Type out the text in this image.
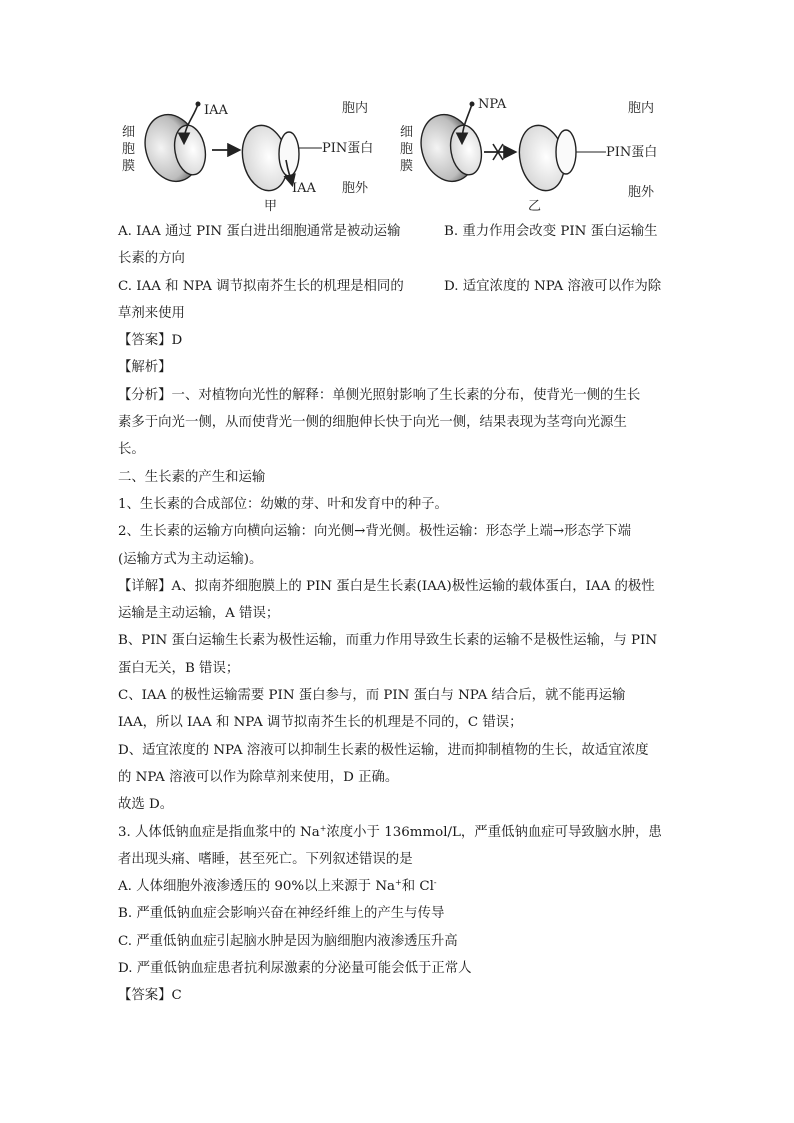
细
胞
膜
IAA
PIN蛋白
IAA
胞内
胞外
甲
细
胞
膜
NPA
PIN蛋白
胞内
胞外
乙
A. IAA 通过 PIN 蛋白进出细胞通常是被动运输	B. 重力作用会改变 PIN 蛋白运输生
长素的方向
C. IAA 和 NPA 调节拟南芥生长的机理是相同的	D. 适宜浓度的 NPA 溶液可以作为除
草剂来使用
【答案】D
【解析】
【分析】一、对植物向光性的解释：单侧光照射影响了生长素的分布，使背光一侧的生长
素多于向光一侧，从而使背光一侧的细胞伸长快于向光一侧，结果表现为茎弯向光源生
长。
二、生长素的产生和运输
1、生长素的合成部位：幼嫩的芽、叶和发育中的种子。
2、生长素的运输方向横向运输：向光侧→背光侧。极性运输：形态学上端→形态学下端
(运输方式为主动运输)。
【详解】A、拟南芥细胞膜上的 PIN 蛋白是生长素(IAA)极性运输的载体蛋白，IAA 的极性
运输是主动运输，A 错误；
B、PIN 蛋白运输生长素为极性运输，而重力作用导致生长素的运输不是极性运输，与 PIN
蛋白无关，B 错误；
C、IAA 的极性运输需要 PIN 蛋白参与，而 PIN 蛋白与 NPA 结合后，就不能再运输
IAA，所以 IAA 和 NPA 调节拟南芥生长的机理是不同的，C 错误；
D、适宜浓度的 NPA 溶液可以抑制生长素的极性运输，进而抑制植物的生长，故适宜浓度
的 NPA 溶液可以作为除草剂来使用，D 正确。
故选 D。
3. 人体低钠血症是指血浆中的 Na+浓度小于 136mmol/L，严重低钠血症可导致脑水肿，患
者出现头痛、嗜睡，甚至死亡。下列叙述错误的是
A. 人体细胞外液渗透压的 90%以上来源于 Na+和 Cl-
B. 严重低钠血症会影响兴奋在神经纤维上的产生与传导
C. 严重低钠血症引起脑水肿是因为脑细胞内液渗透压升高
D. 严重低钠血症患者抗利尿激素的分泌量可能会低于正常人
【答案】C
